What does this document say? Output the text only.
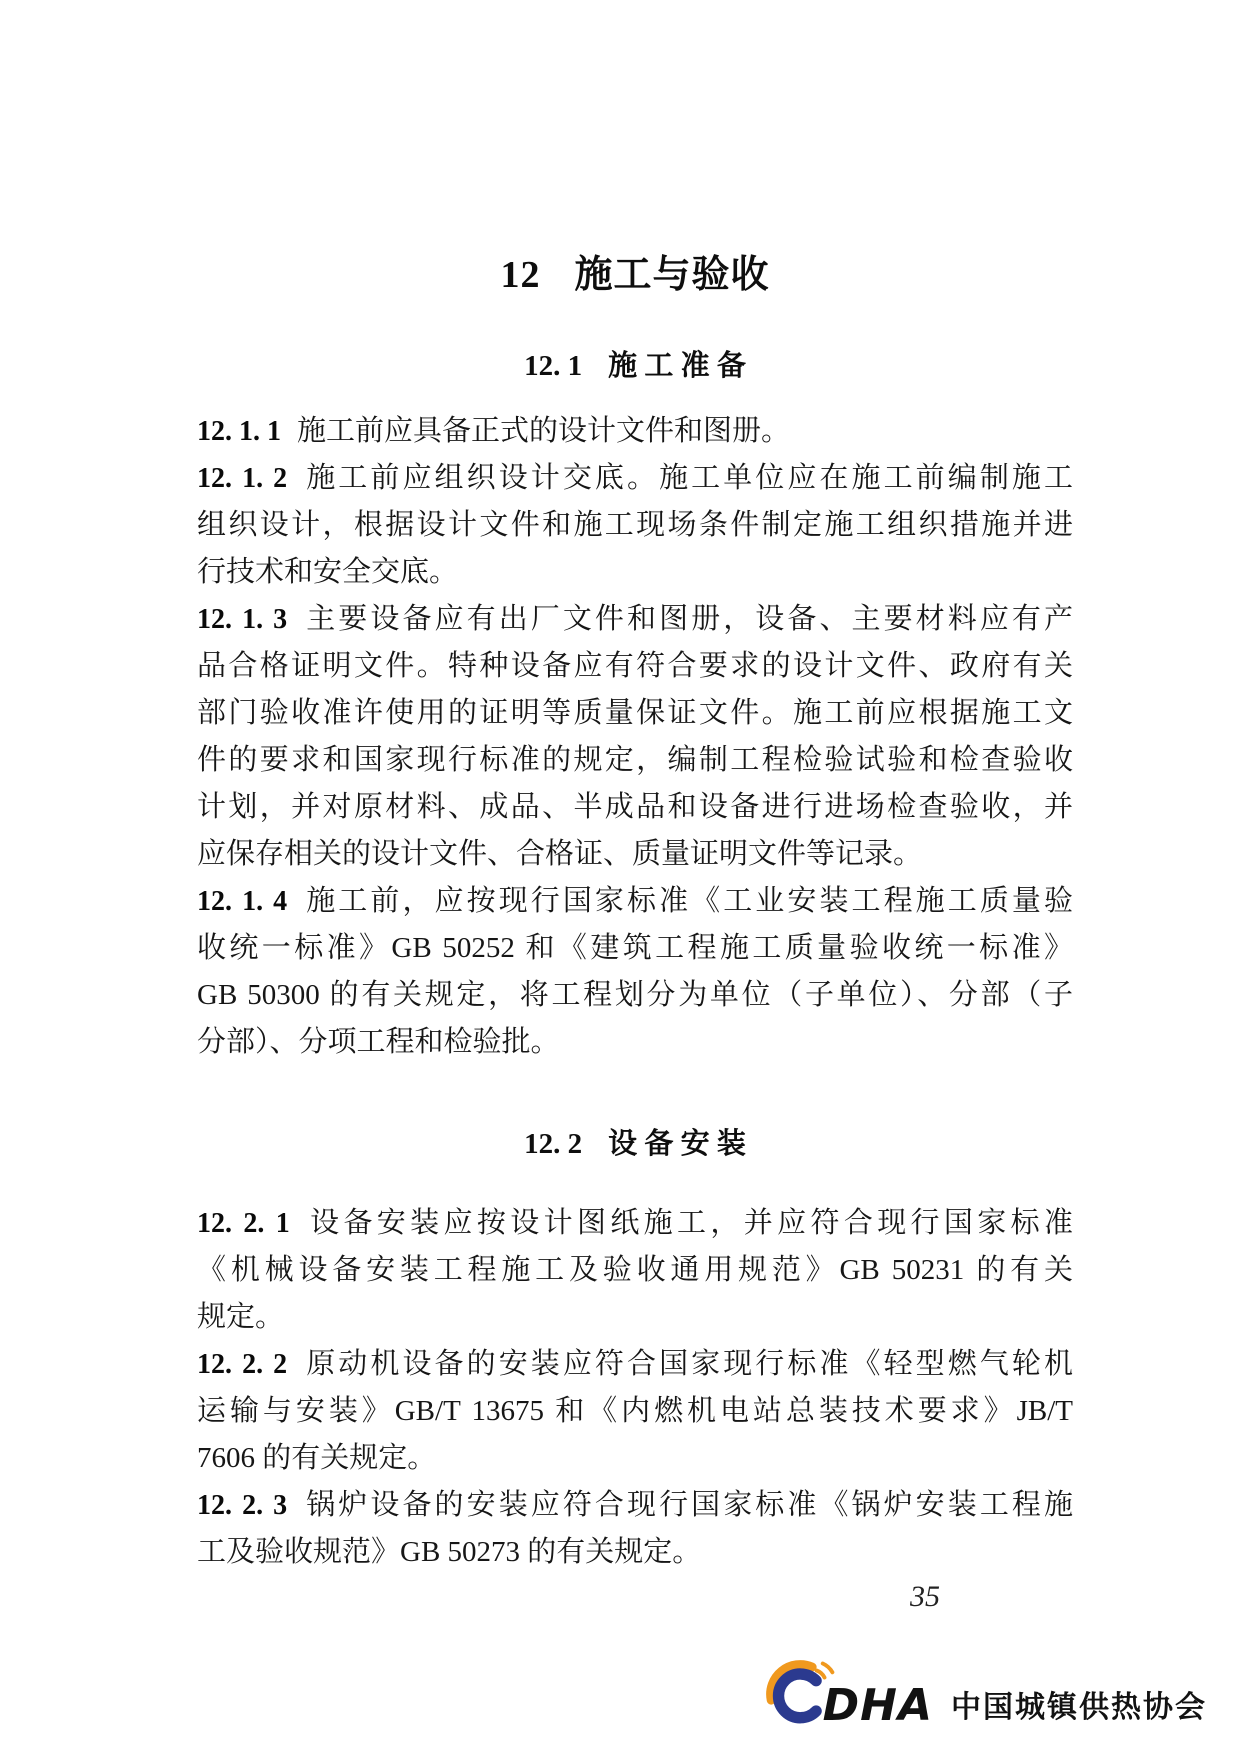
12 施工与验收
12. 1 施 工 准 备
12. 1. 1 施工前应具备正式的设计文件和图册。
12. 1. 2 施工前应组织设计交底。施工单位应在施工前编制施工
组织设计，根据设计文件和施工现场条件制定施工组织措施并进
行技术和安全交底。
12. 1. 3 主要设备应有出厂文件和图册，设备、主要材料应有产
品合格证明文件。特种设备应有符合要求的设计文件、政府有关
部门验收准许使用的证明等质量保证文件。施工前应根据施工文
件的要求和国家现行标准的规定，编制工程检验试验和检查验收
计划，并对原材料、成品、半成品和设备进行进场检查验收，并
应保存相关的设计文件、合格证、质量证明文件等记录。
12. 1. 4 施工前，应按现行国家标准《工业安装工程施工质量验
收统一标准》GB 50252 和《建筑工程施工质量验收统一标准》
GB 50300 的有关规定，将工程划分为单位（子单位）、分部（子
分部）、分项工程和检验批。
12. 2 设 备 安 装
12. 2. 1 设备安装应按设计图纸施工，并应符合现行国家标准
《机械设备安装工程施工及验收通用规范》GB 50231 的有关
规定。
12. 2. 2 原动机设备的安装应符合国家现行标准《轻型燃气轮机
运输与安装》GB/T 13675 和《内燃机电站总装技术要求》JB/T
7606 的有关规定。
12. 2. 3 锅炉设备的安装应符合现行国家标准《锅炉安装工程施
工及验收规范》GB 50273 的有关规定。
35
DHA 中国城镇供热协会
